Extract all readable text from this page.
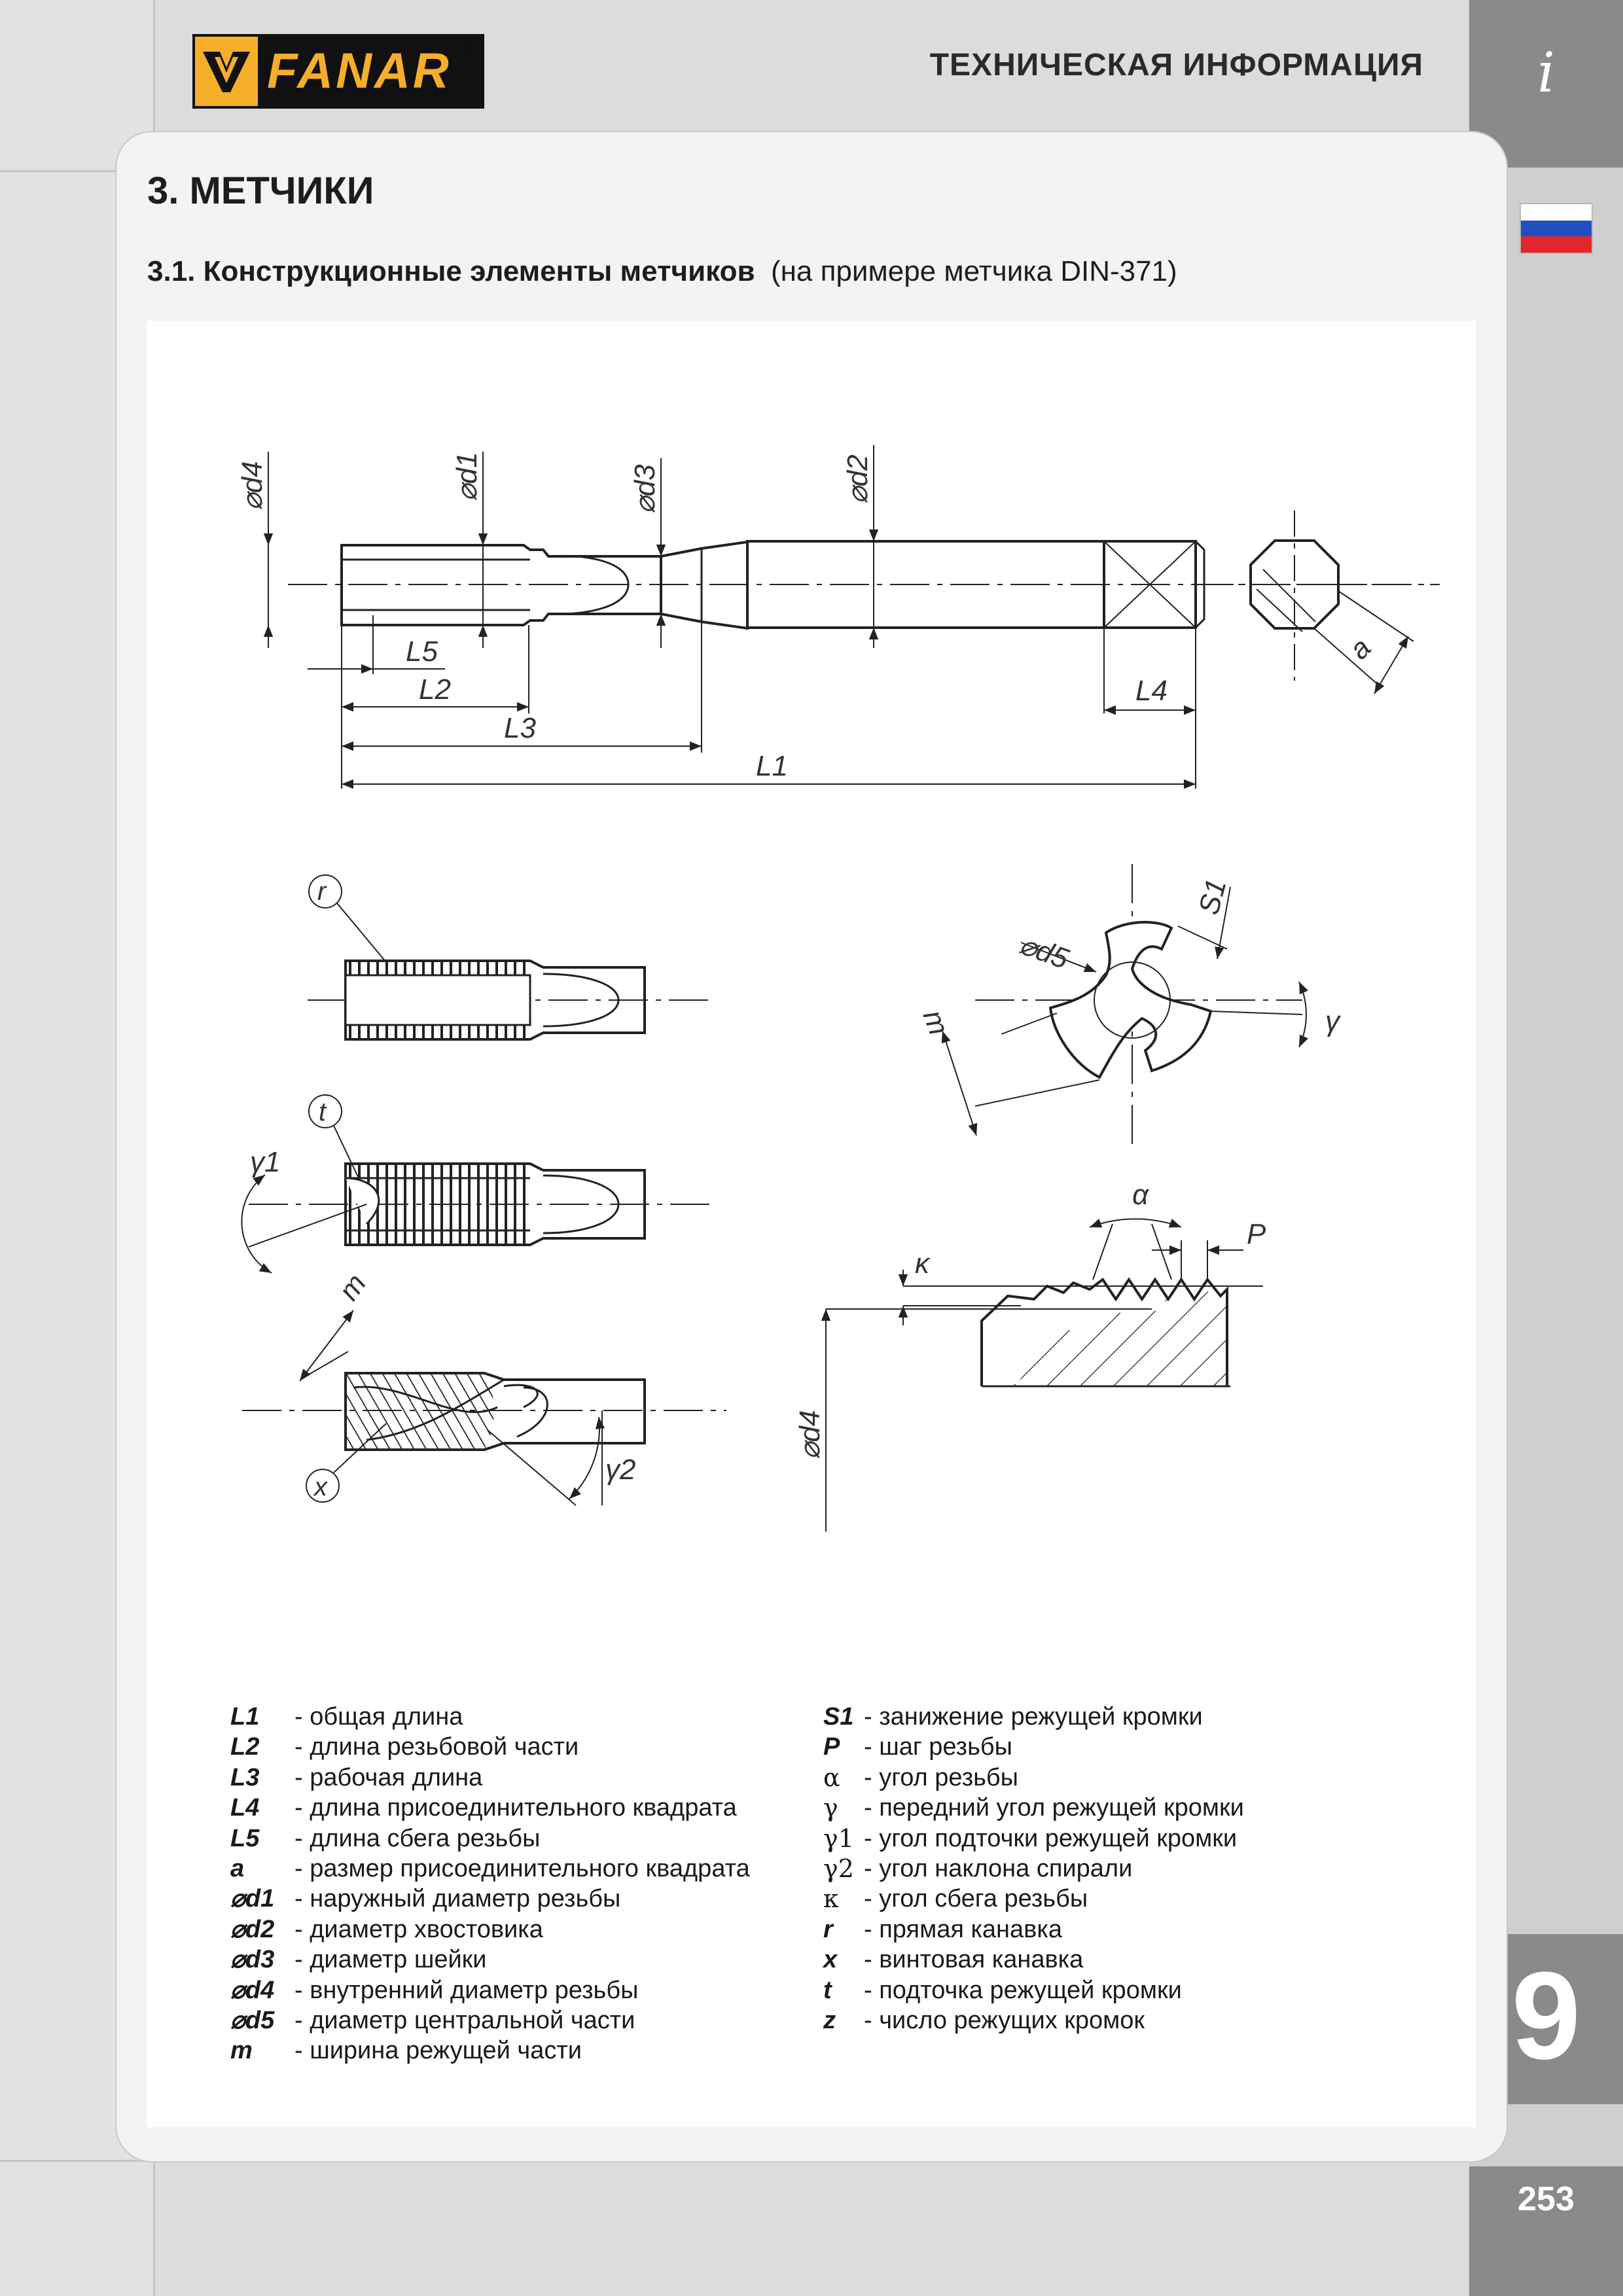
FANAR ®	ТЕХНИЧЕСКАЯ ИНФОРМАЦИЯ	i
9
253
3. МЕТЧИКИ
3.1. Конструкционные элементы метчиков (на примере метчика DIN-371)
⌀d4	⌀d1	⌀d3	⌀d2
L5
L2
L3
L1
L4
a
r
t
γ1
m
x
γ2
S1
⌀d5
m	γ
α
P
κ
⌀d4
L1	- общая длина
L2	- длина резьбовой части
L3	- рабочая длина
L4	- длина присоединительного квадрата
L5	- длина сбега резьбы
a	- размер присоединительного квадрата
⌀d1 - наружный диаметр резьбы
⌀d2 - диаметр хвостовика
⌀d3 - диаметр шейки
⌀d4 - внутренний диаметр резьбы
⌀d5 - диаметр центральной части
m	- ширина режущей части
S1 - занижение режущей кромки
P - шаг резьбы
α - угол резьбы
γ	- передний угол режущей кромки
γ1 - угол подточки режущей кромки
γ2 - угол наклона спирали
κ	- угол сбега резьбы
r	- прямая канавка
x	- винтовая канавка
t	- подточка режущей кромки
z	- число режущих кромок
